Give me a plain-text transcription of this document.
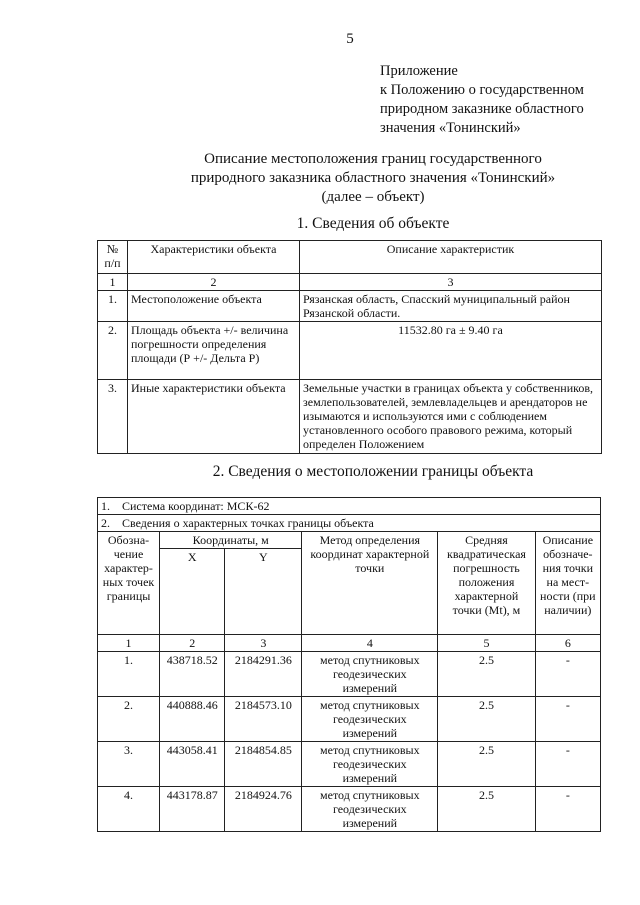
5
Приложение
к Положению о государственном
природном заказнике областного
значения «Тонинский»
Описание местоположения границ государственного
природного заказника областного значения «Тонинский»
(далее – объект)
1. Сведения об объекте
№ п/п	Характеристики объекта	Описание характеристик
1	2	3
1.	Местоположение объекта	Рязанская область, Спасский муниципальный район Рязанской области.
2.	Площадь объекта +/- величина погрешности определения площади (Р +/- Дельта Р)	11532.80 га ± 9.40 га
3.	Иные характеристики объекта	Земельные участки в границах объекта у собственников, землепользователей, землевладельцев и арендаторов не изымаются и используются ими с соблюдением установленного особого правового режима, который определен Положением
2. Сведения о местоположении границы объекта
1. Система координат: МСК-62					
2. Сведения о характерных точках границы объекта					
Обозна-чение характер-ных точек границы	Координаты, м		Метод определения координат характерной точки	Средняя квадратическая погрешность положения характерной точки (Mt), м	Описание обозначе-ния точки на мест-ности (при наличии)
	X	Y			
1	2	3	4	5	6
1.	438718.52	2184291.36	метод спутниковых геодезических измерений	2.5	-
2.	440888.46	2184573.10	метод спутниковых геодезических измерений	2.5	-
3.	443058.41	2184854.85	метод спутниковых геодезических измерений	2.5	-
4.	443178.87	2184924.76	метод спутниковых геодезических измерений	2.5	-
